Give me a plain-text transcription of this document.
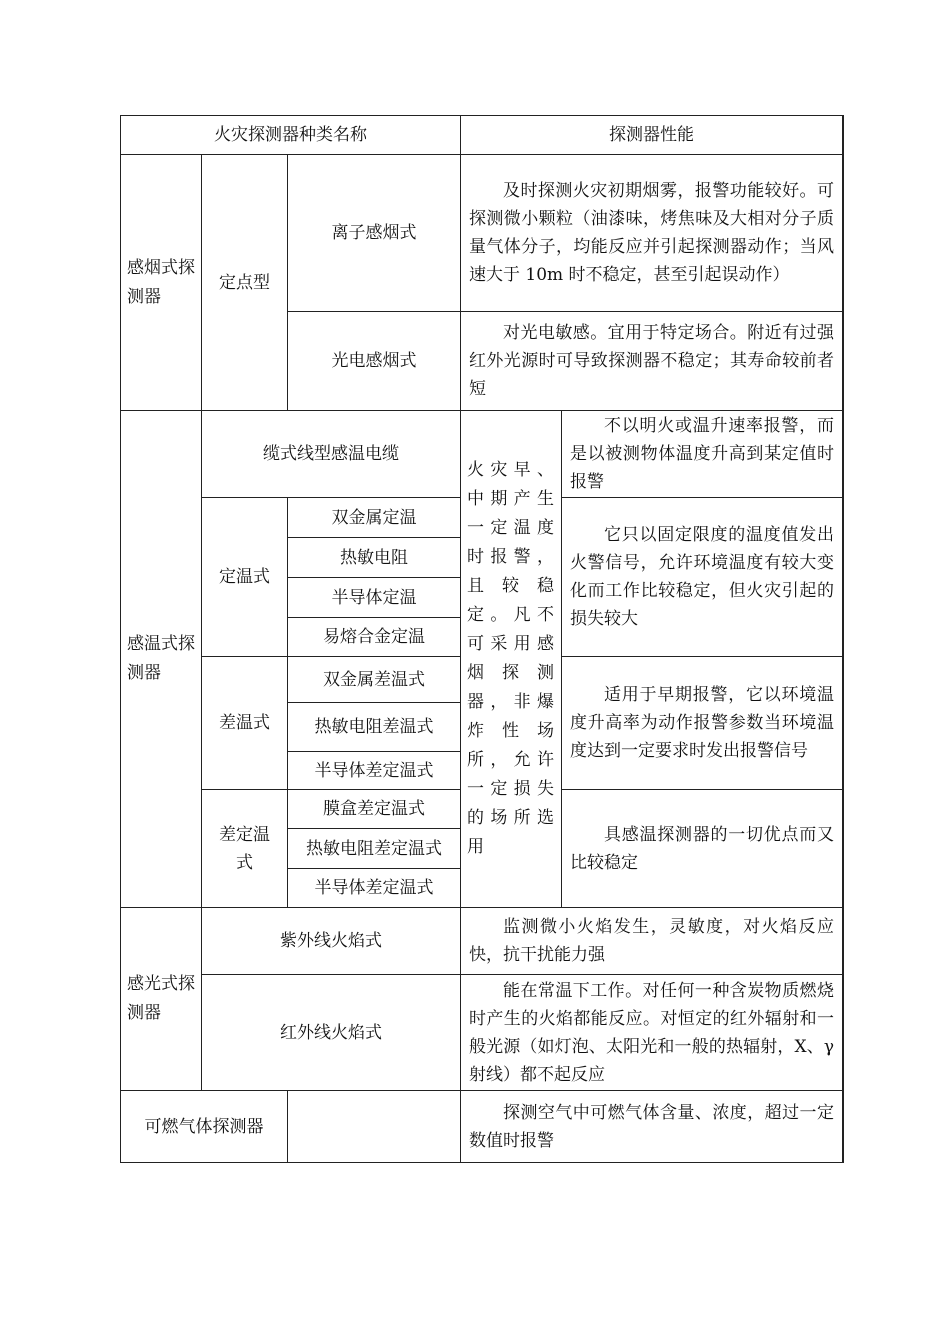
火灾探测器种类名称	探测器性能
感烟式探测器
定点型
离子感烟式
及时探测火灾初期烟雾，报警功能较好。可探测微小颗粒（油漆味，烤焦味及大相对分子质量气体分子，均能反应并引起探测器动作；当风速大于 10m 时不稳定，甚至引起误动作）
光电感烟式
对光电敏感。宜用于特定场合。附近有过强红外光源时可导致探测器不稳定；其寿命较前者短
感温式探测器
缆式线型感温电缆
火灾早、中期产生一定温度时报警，且较稳定。凡不可采用感烟探测器，非爆炸性场所，允许一定损失的场所选用
不以明火或温升速率报警，而是以被测物体温度升高到某定值时报警
定温式
双金属定温
热敏电阻
半导体定温
易熔合金定温
它只以固定限度的温度值发出火警信号，允许环境温度有较大变化而工作比较稳定，但火灾引起的损失较大
差温式
双金属差温式
热敏电阻差温式
半导体差定温式
适用于早期报警，它以环境温度升高率为动作报警参数当环境温度达到一定要求时发出报警信号
差定温式
膜盒差定温式
热敏电阻差定温式
半导体差定温式
具感温探测器的一切优点而又比较稳定
感光式探测器
紫外线火焰式
监测微小火焰发生，灵敏度，对火焰反应快，抗干扰能力强
红外线火焰式
能在常温下工作。对任何一种含炭物质燃烧时产生的火焰都能反应。对恒定的红外辐射和一般光源（如灯泡、太阳光和一般的热辐射，X、γ射线）都不起反应
可燃气体探测器
探测空气中可燃气体含量、浓度，超过一定数值时报警
